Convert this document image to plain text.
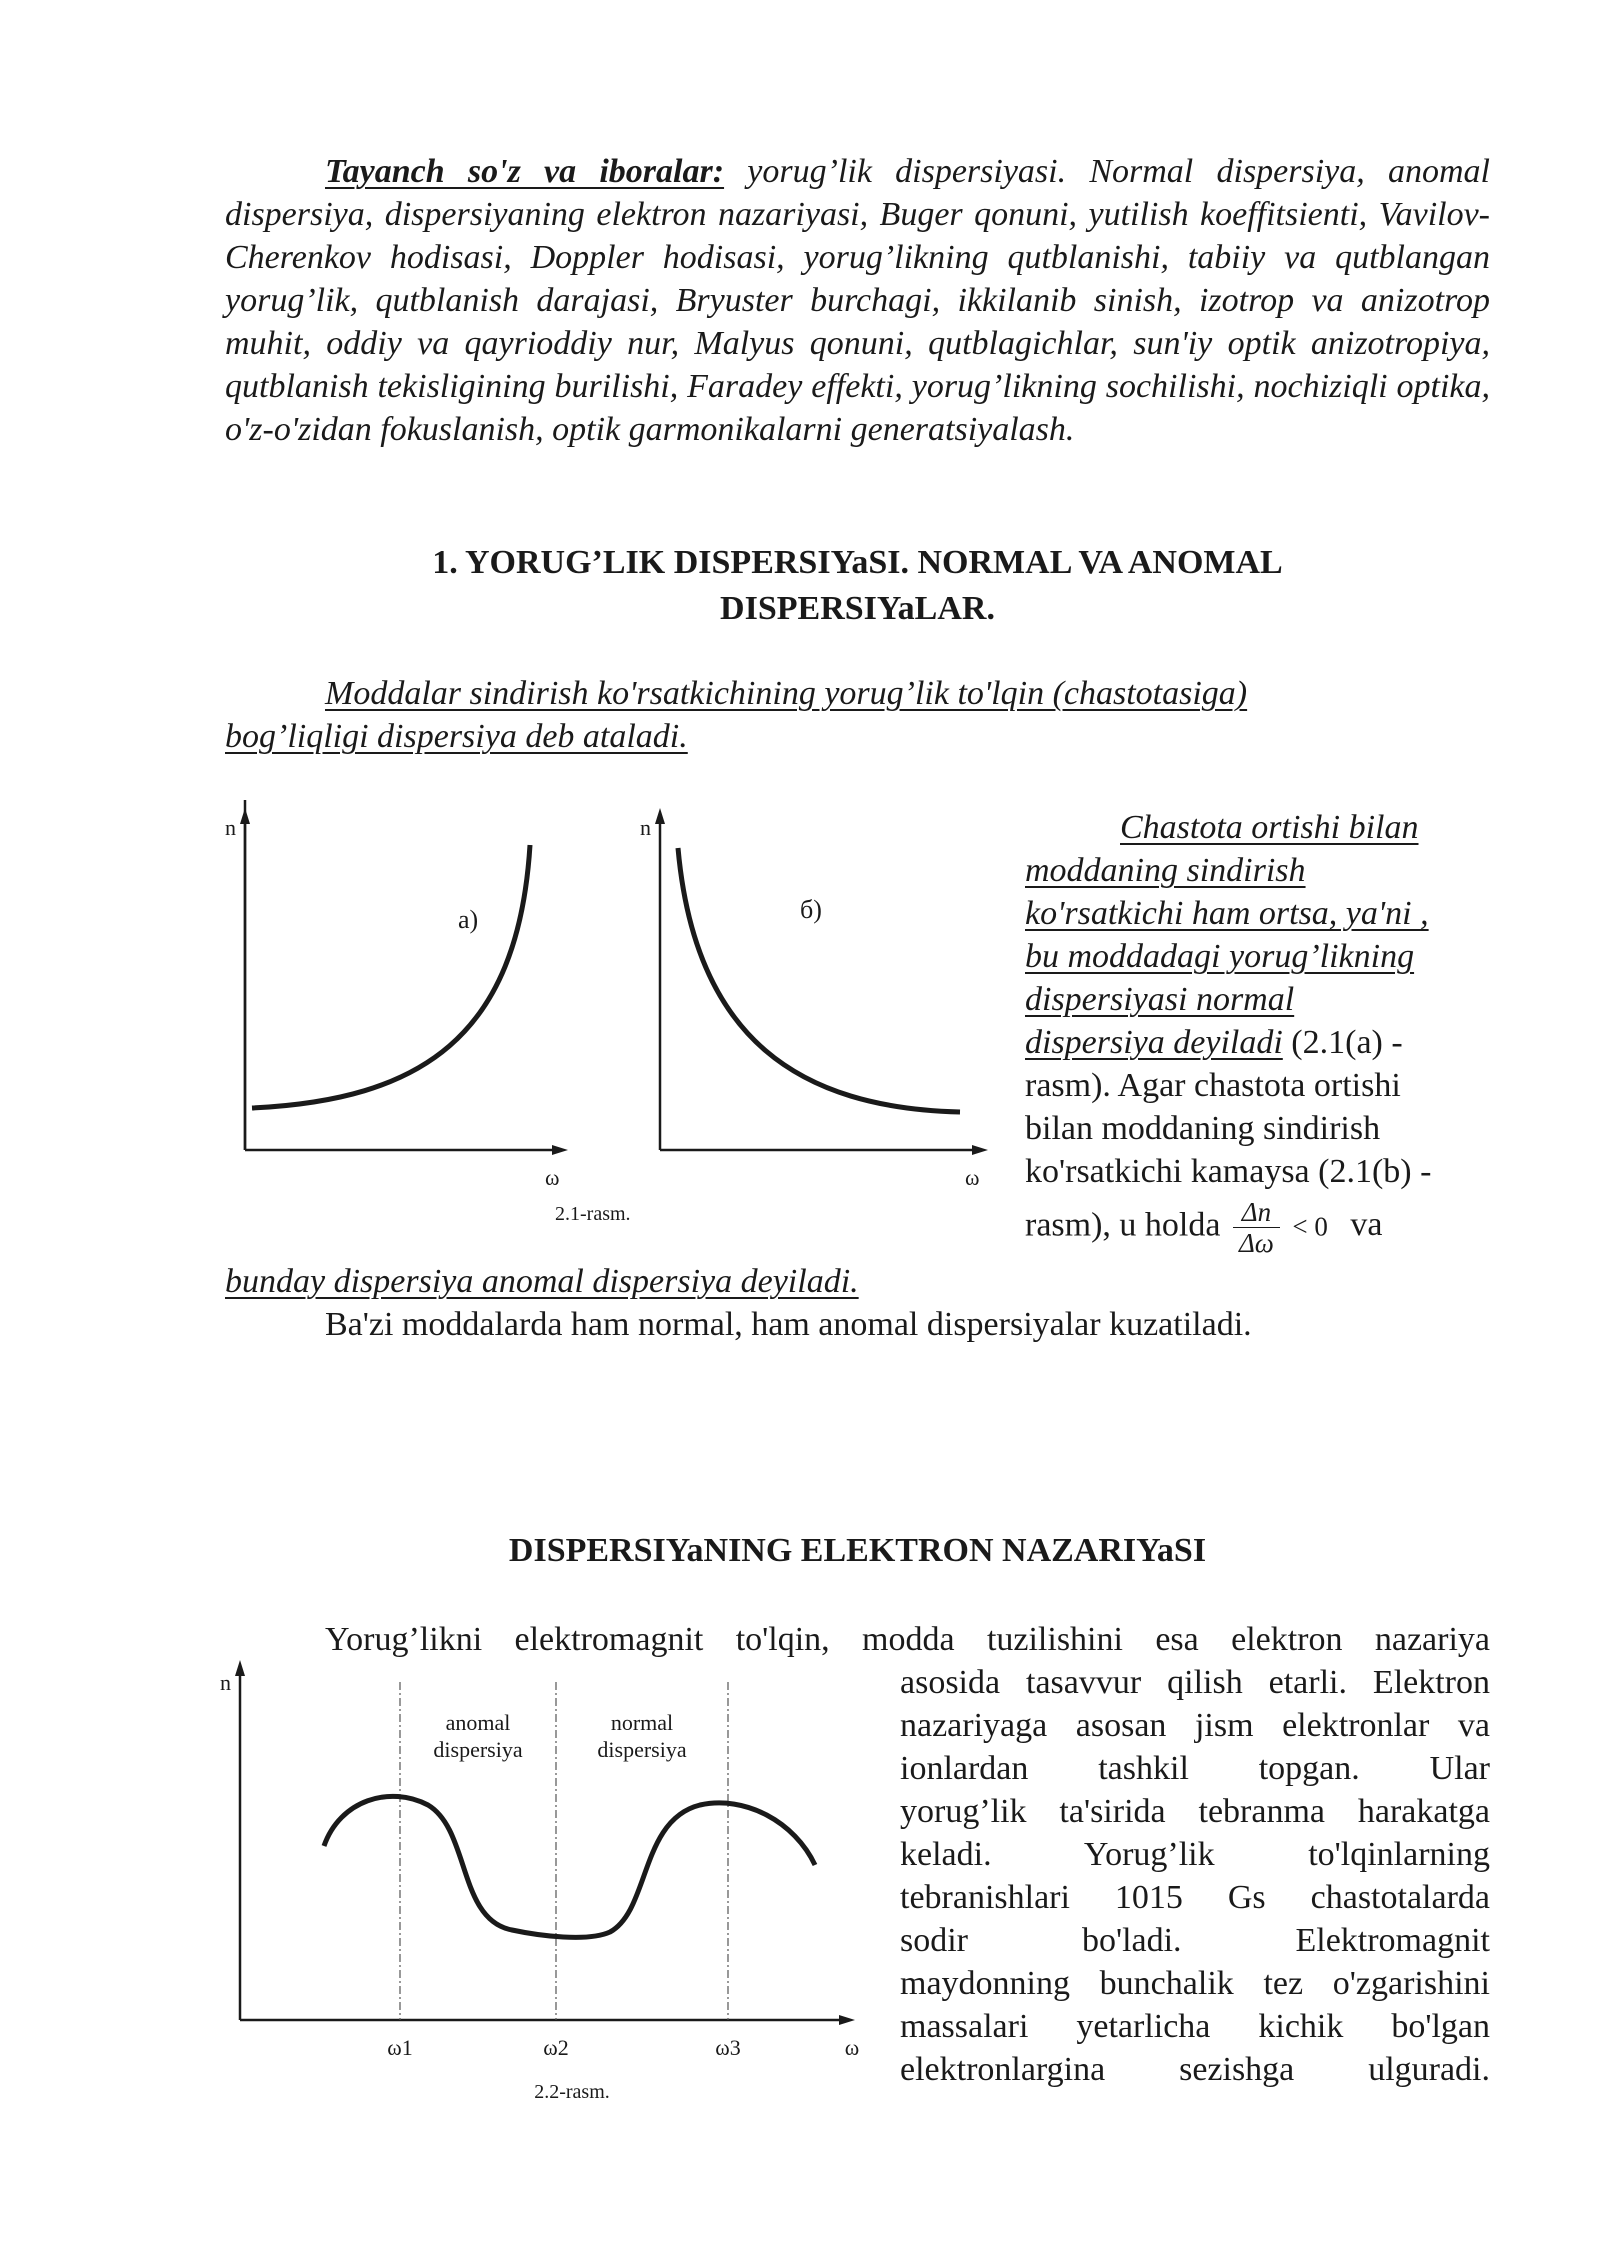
Tayanch so'z va iboralar: yorug’lik dispersiyasi. Normal dispersiya, anomal dispersiya, dispersiyaning elektron nazariyasi, Buger qonuni, yutilish koeffitsienti, Vavilov-Cherenkov hodisasi, Doppler hodisasi, yorug’likning qutblanishi, tabiiy va qutblangan yorug’lik, qutblanish darajasi, Bryuster burchagi, ikkilanib sinish, izotrop va anizotrop muhit, oddiy va qayrioddiy nur, Malyus qonuni, qutblagichlar, sun'iy optik anizotropiya, qutblanish tekisligining burilishi, Faradey effekti, yorug’likning sochilishi, nochiziqli optika, o'z-o'zidan fokuslanish, optik garmonikalarni generatsiyalash.
1. YORUG’LIK DISPERSIYaSI. NORMAL VA ANOMAL
DISPERSIYaLAR.
Moddalar sindirish ko'rsatkichining yorug’lik to'lqin (chastotasiga)
bog’liqligi dispersiya deb ataladi.
n
ω
а)
n
ω
б)
2.1-rasm.
Chastota ortishi bilan
moddaning sindirish
ko'rsatkichi ham ortsa, ya'ni ,
bu moddadagi yorug’likning
dispersiyasi normal
dispersiya deyiladi (2.1(a) -
rasm). Agar chastota ortishi
bilan moddaning sindirish
ko'rsatkichi kamaysa (2.1(b) -
rasm), u holda $\frac{\Delta n}{\Delta\omega} < 0$ va
bunday dispersiya anomal dispersiya deyiladi.
Ba'zi moddalarda ham normal, ham anomal dispersiyalar kuzatiladi.
DISPERSIYaNING ELEKTRON NAZARIYaSI
Yorug’likni elektromagnit to'lqin, modda tuzilishini esa elektron nazariya
n
anomal
dispersiya
normal
dispersiya
ω1	ω2	ω3	ω
2.2-rasm.
asosida tasavvur qilish etarli. Elektron
nazariyaga asosan jism elektronlar va
ionlardan tashkil topgan. Ular
yorug’lik ta'sirida tebranma harakatga
keladi. Yorug’lik to'lqinlarning
tebranishlari 1015 Gs chastotalarda
sodir bo'ladi. Elektromagnit
maydonning bunchalik tez o'zgarishini
massalari yetarlicha kichik bo'lgan
elektronlargina sezishga ulguradi.
